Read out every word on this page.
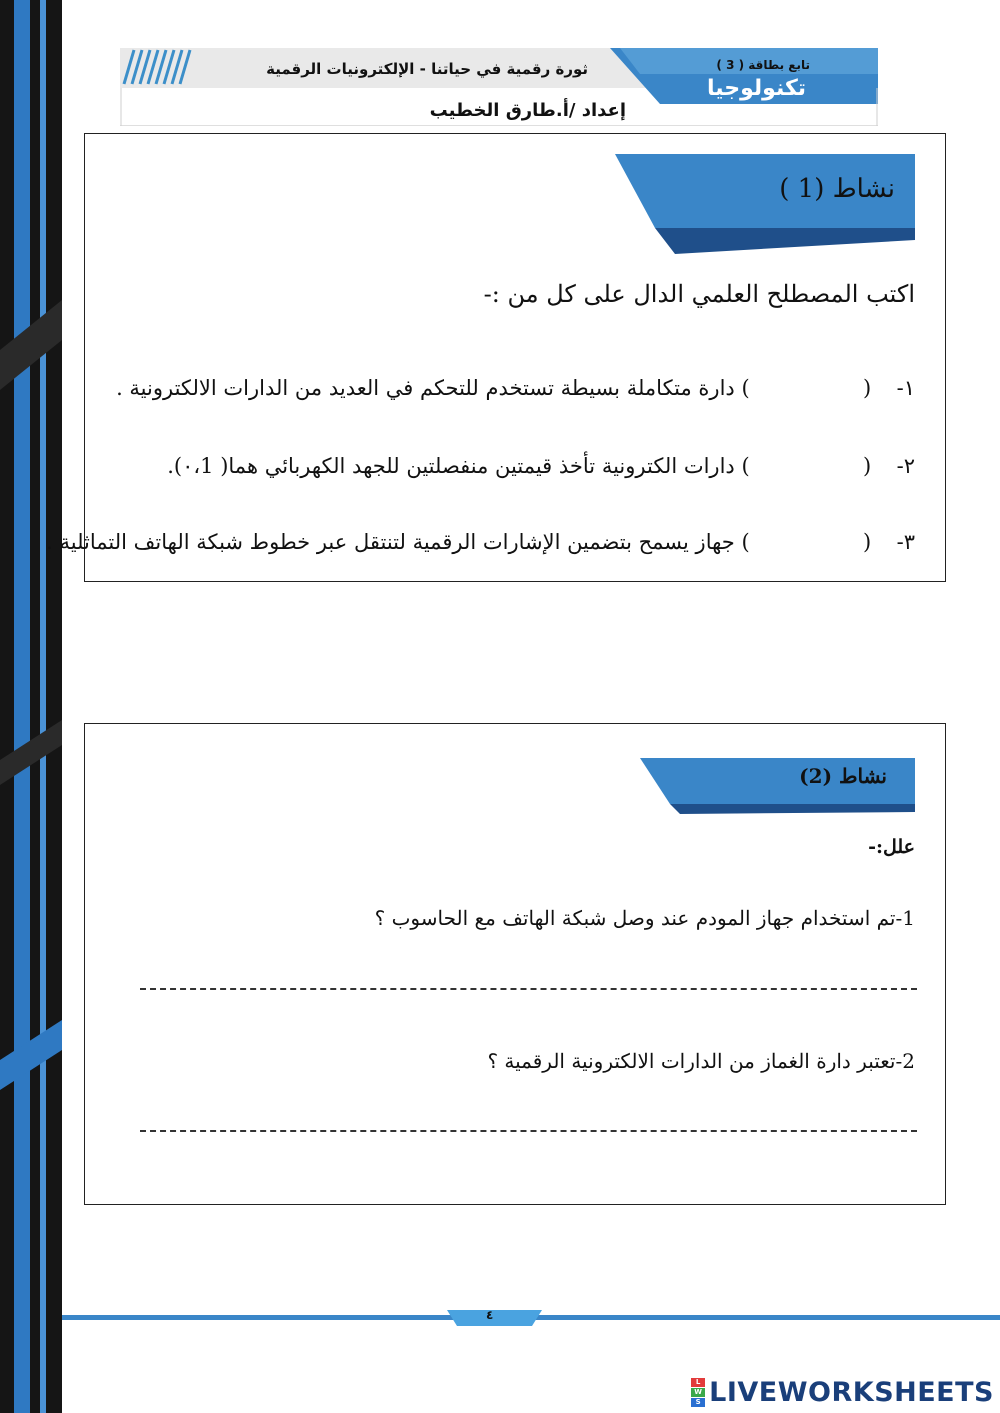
ثورة رقمية في حياتنا - الإلكترونيات الرقمية	تابع بطاقة ( 3 )
تكنولوجيا
إعداد /أ.طارق الخطيب
نشاط (1 )
اكتب المصطلح العلمي الدال على كل من :-
١-  (  ) دارة متكاملة بسيطة تستخدم للتحكم في العديد من الدارات الالكترونية .
٢-  (  ) دارات الكترونية تأخذ قيمتين منفصلتين للجهد الكهربائي هما( ٠،1).
٣-  (  ) جهاز يسمح بتضمين الإشارات الرقمية لتنتقل عبر خطوط شبكة الهاتف التماثلية .
نشاط (2)
علل:-
1-تم استخدام جهاز المودم عند وصل شبكة الهاتف مع الحاسوب ؟
2-تعتبر دارة الغماز من الدارات الالكترونية الرقمية ؟
٤
L
W
S LIVEWORKSHEETS
